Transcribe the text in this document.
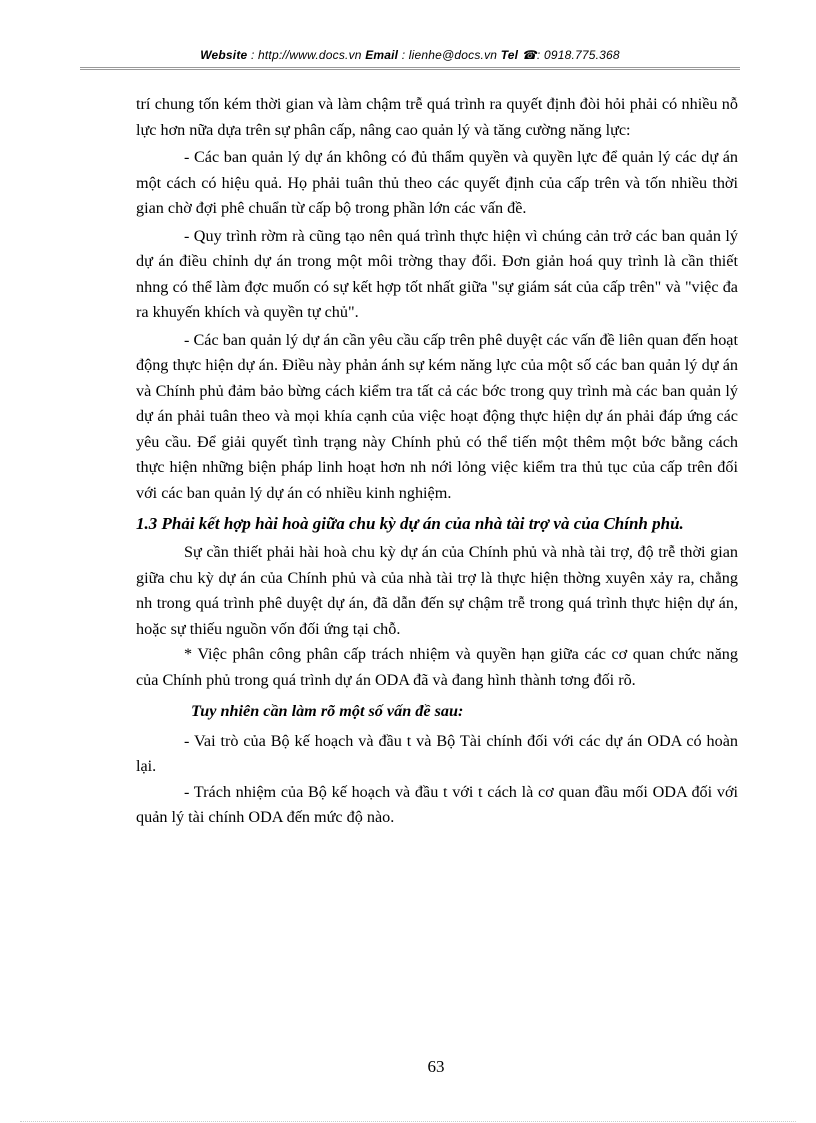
Website : http://www.docs.vn Email : lienhe@docs.vn Tel ☎: 0918.775.368

trí chung tốn kém thời gian và làm chậm trễ quá trình ra quyết định đòi hỏi phải có nhiều nỗ lực hơn nữa dựa trên sự phân cấp, nâng cao quản lý và tăng cường năng lực:

- Các ban quản lý dự án không có đủ thẩm quyền và quyền lực để quản lý các dự án một cách có hiệu quả. Họ phải tuân thủ theo các quyết định của cấp trên và tốn nhiều thời gian chờ đợi phê chuẩn từ cấp bộ trong phần lớn các vấn đề.

- Quy trình rờm rà cũng tạo nên quá trình thực hiện vì chúng cản trở các ban quản lý dự án điều chỉnh dự án trong một môi trờng thay đổi. Đơn giản hoá quy trình là cần thiết nhng có thể làm đợc muốn có sự kết hợp tốt nhất giữa "sự giám sát của cấp trên" và "việc đa ra khuyến khích và quyền tự chủ".

- Các ban quản lý dự án cần yêu cầu cấp trên phê duyệt các vấn đề liên quan đến hoạt động thực hiện dự án. Điều này phản ánh sự kém năng lực của một số các ban quản lý dự án và Chính phủ đảm bảo bừng cách kiểm tra tất cả các bớc trong quy trình mà các ban quản lý dự án phải tuân theo và mọi khía cạnh của việc hoạt động thực hiện dự án phải đáp ứng các yêu cầu. Để giải quyết tình trạng này Chính phủ có thể tiến một thêm một bớc bằng cách thực hiện những biện pháp linh hoạt hơn nh nới lỏng việc kiểm tra thủ tục của cấp trên đối với các ban quản lý dự án có nhiều kinh nghiệm.

1.3 Phải kết hợp hài hoà giữa chu kỳ dự án của nhà tài trợ và của Chính phủ.

Sự cần thiết phải hài hoà chu kỳ dự án của Chính phủ và nhà tài trợ, độ trễ thời gian giữa chu kỳ dự án của Chính phủ và của nhà tài trợ là thực hiện thờng xuyên xảy ra, chẳng nh trong quá trình phê duyệt dự án, đã dẫn đến sự chậm trễ trong quá trình thực hiện dự án, hoặc sự thiếu nguồn vốn đối ứng tại chỗ.

* Việc phân công phân cấp trách nhiệm và quyền hạn giữa các cơ quan chức năng của Chính phủ trong quá trình dự án ODA đã và đang hình thành tơng đối rõ.

Tuy nhiên cần làm rõ một số vấn đề sau:

- Vai trò của Bộ kế hoạch và đầu t và Bộ Tài chính đối với các dự án ODA có hoàn lại.

- Trách nhiệm của Bộ kế hoạch và đầu t với t cách là cơ quan đầu mối ODA đối với quản lý tài chính ODA đến mức độ nào.

63
